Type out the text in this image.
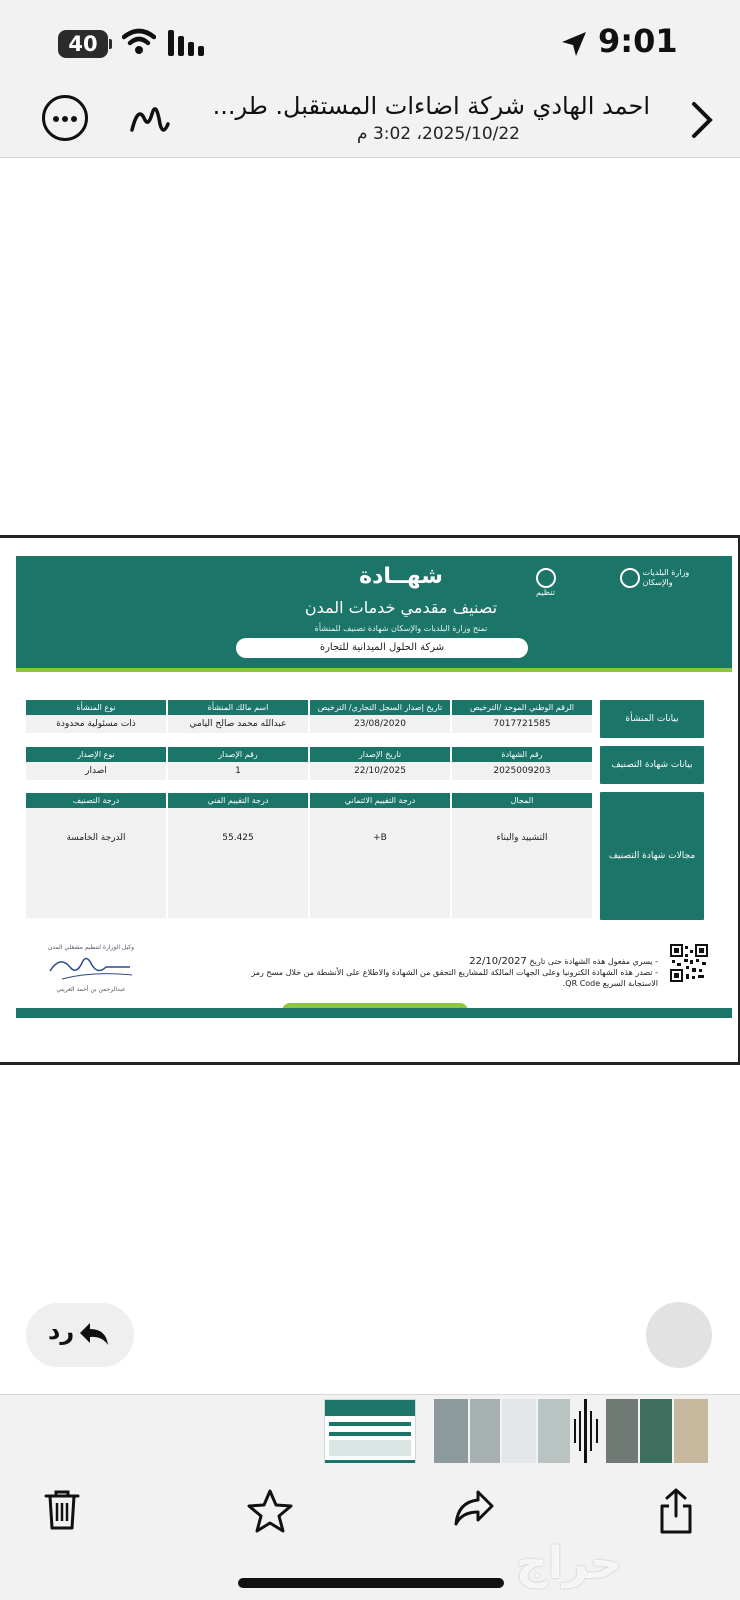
40	9:01
احمد الهادي شركة اضاءات المستقبل. طر...
2025/10/22، 3:02 م
شهــادة
تصنيف مقدمي خدمات المدن
تمنح وزارة البلديات والإسكان شهادة تصنيف للمنشأة
شركة الحلول الميدانية للتجارة
تنظيم
وزارة البلديات والإسكان
بيانات المنشأة
الرقم الوطني الموحد /الترخيص
تاريخ إصدار السجل التجاري/ الترخيص
اسم مالك المنشأة
نوع المنشأة
7017721585
23/08/2020
عبدالله محمد صالح اليامي
ذات مسئولية محدودة
بيانات شهادة التصنيف
رقم الشهادة
تاريخ الإصدار
رقم الإصدار
نوع الإصدار
2025009203
22/10/2025
1
اصدار
مجالات شهادة التصنيف
المجال
درجة التقييم الائتماني
درجة التقييم الفني
درجة التصنيف
التشييد والبناء
B+
55.425
الدرجة الخامسة
- يسري مفعول هذه الشهادة حتى تاريخ 22/10/2027
- تصدر هذه الشهادة الكترونيا وعلى الجهات المالكة للمشاريع التحقق من الشهادة والاطلاع على الأنشطة من خلال مسح رمز الاستجابة السريع QR Code.
وكيل الوزارة لتنظيم مشغلي المدن
عبدالرحمن بن أحمد العريني
رد
حراج
